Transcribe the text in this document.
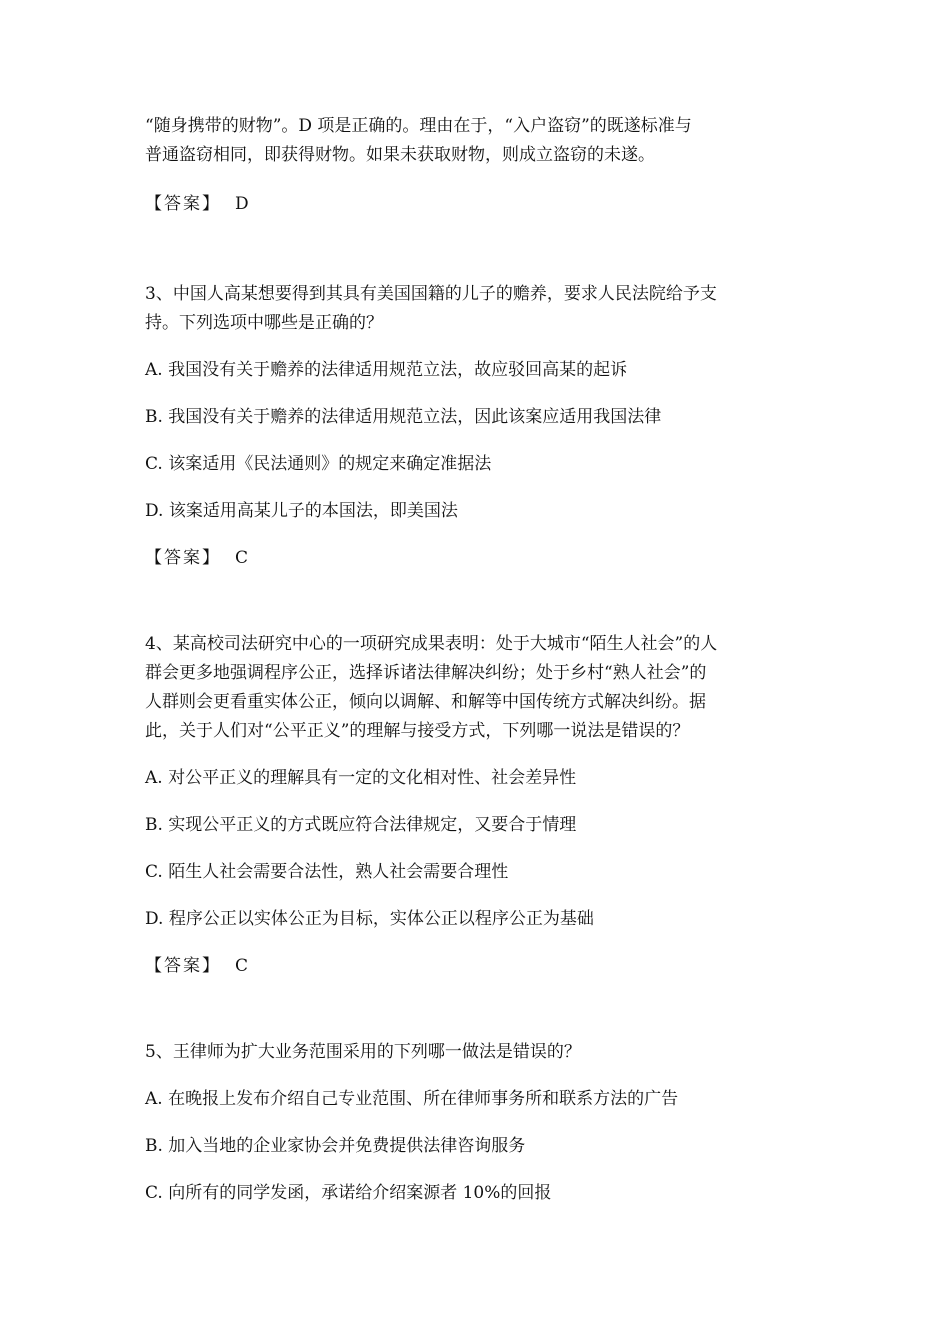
“随身携带的财物”。D 项是正确的。理由在于，“入户盗窃”的既遂标准与

普通盗窃相同，即获得财物。如果未获取财物，则成立盗窃的未遂。

【答案】 D

3、中国人高某想要得到其具有美国国籍的儿子的赡养，要求人民法院给予支

持。下列选项中哪些是正确的？

A. 我国没有关于赡养的法律适用规范立法，故应驳回高某的起诉

B. 我国没有关于赡养的法律适用规范立法，因此该案应适用我国法律

C. 该案适用《民法通则》的规定来确定准据法

D. 该案适用高某儿子的本国法，即美国法

【答案】 C

4、某高校司法研究中心的一项研究成果表明：处于大城市“陌生人社会”的人

群会更多地强调程序公正，选择诉诸法律解决纠纷；处于乡村“熟人社会”的

人群则会更看重实体公正，倾向以调解、和解等中国传统方式解决纠纷。据

此，关于人们对“公平正义”的理解与接受方式，下列哪一说法是错误的？

A. 对公平正义的理解具有一定的文化相对性、社会差异性

B. 实现公平正义的方式既应符合法律规定，又要合于情理

C. 陌生人社会需要合法性，熟人社会需要合理性

D. 程序公正以实体公正为目标，实体公正以程序公正为基础

【答案】 C

5、王律师为扩大业务范围采用的下列哪一做法是错误的？

A. 在晚报上发布介绍自己专业范围、所在律师事务所和联系方法的广告

B. 加入当地的企业家协会并免费提供法律咨询服务

C. 向所有的同学发函，承诺给介绍案源者 10%的回报
